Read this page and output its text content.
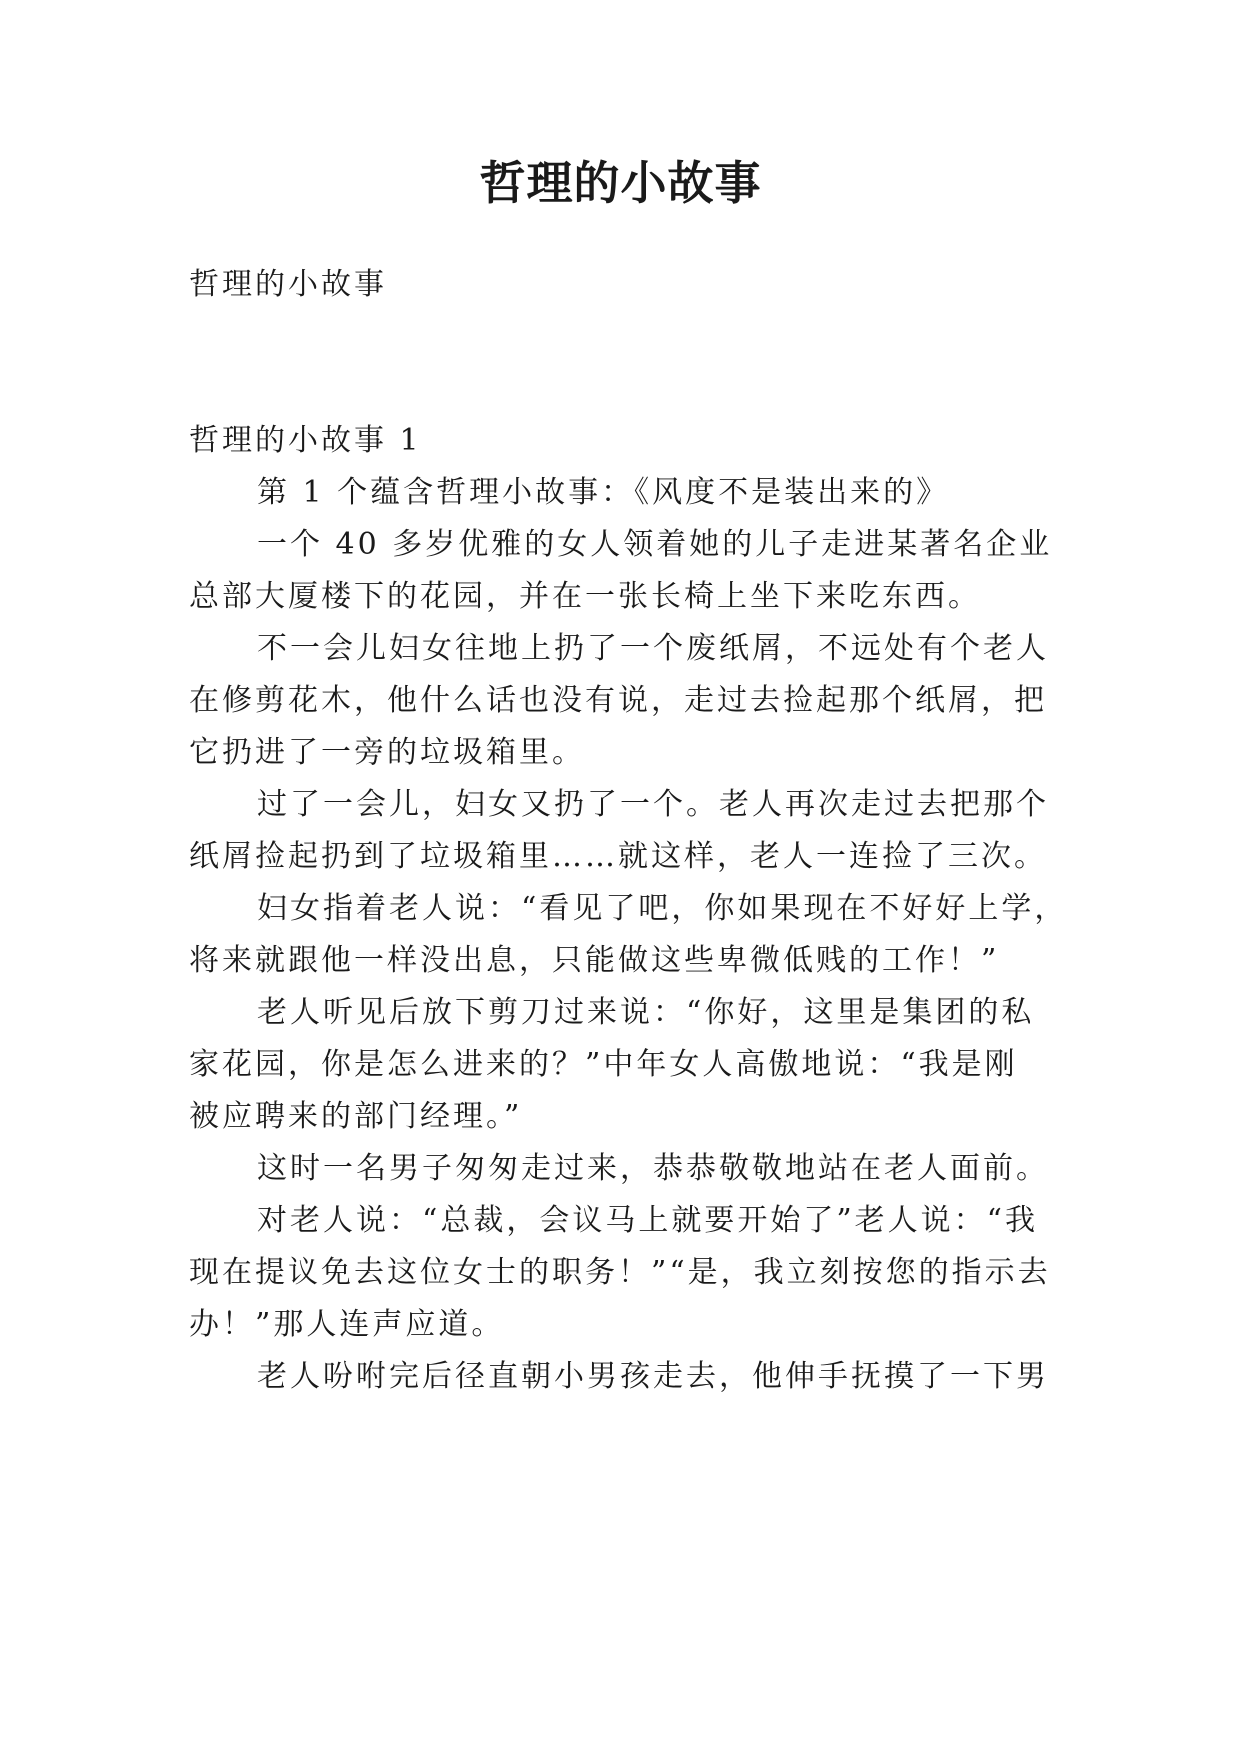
哲理的小故事
哲理的小故事
哲理的小故事 1
第 1 个蕴含哲理小故事：《风度不是装出来的》
一个 40 多岁优雅的女人领着她的儿子走进某著名企业
总部大厦楼下的花园，并在一张长椅上坐下来吃东西。
不一会儿妇女往地上扔了一个废纸屑，不远处有个老人
在修剪花木，他什么话也没有说，走过去捡起那个纸屑，把
它扔进了一旁的垃圾箱里。
过了一会儿，妇女又扔了一个。老人再次走过去把那个
纸屑捡起扔到了垃圾箱里……就这样，老人一连捡了三次。
妇女指着老人说：“看见了吧，你如果现在不好好上学，
将来就跟他一样没出息，只能做这些卑微低贱的工作！”
老人听见后放下剪刀过来说：“你好，这里是集团的私
家花园，你是怎么进来的？”中年女人高傲地说：“我是刚
被应聘来的部门经理。”
这时一名男子匆匆走过来，恭恭敬敬地站在老人面前。
对老人说：“总裁，会议马上就要开始了”老人说：“我
现在提议免去这位女士的职务！”“是，我立刻按您的指示去
办！”那人连声应道。
老人吩咐完后径直朝小男孩走去，他伸手抚摸了一下男
